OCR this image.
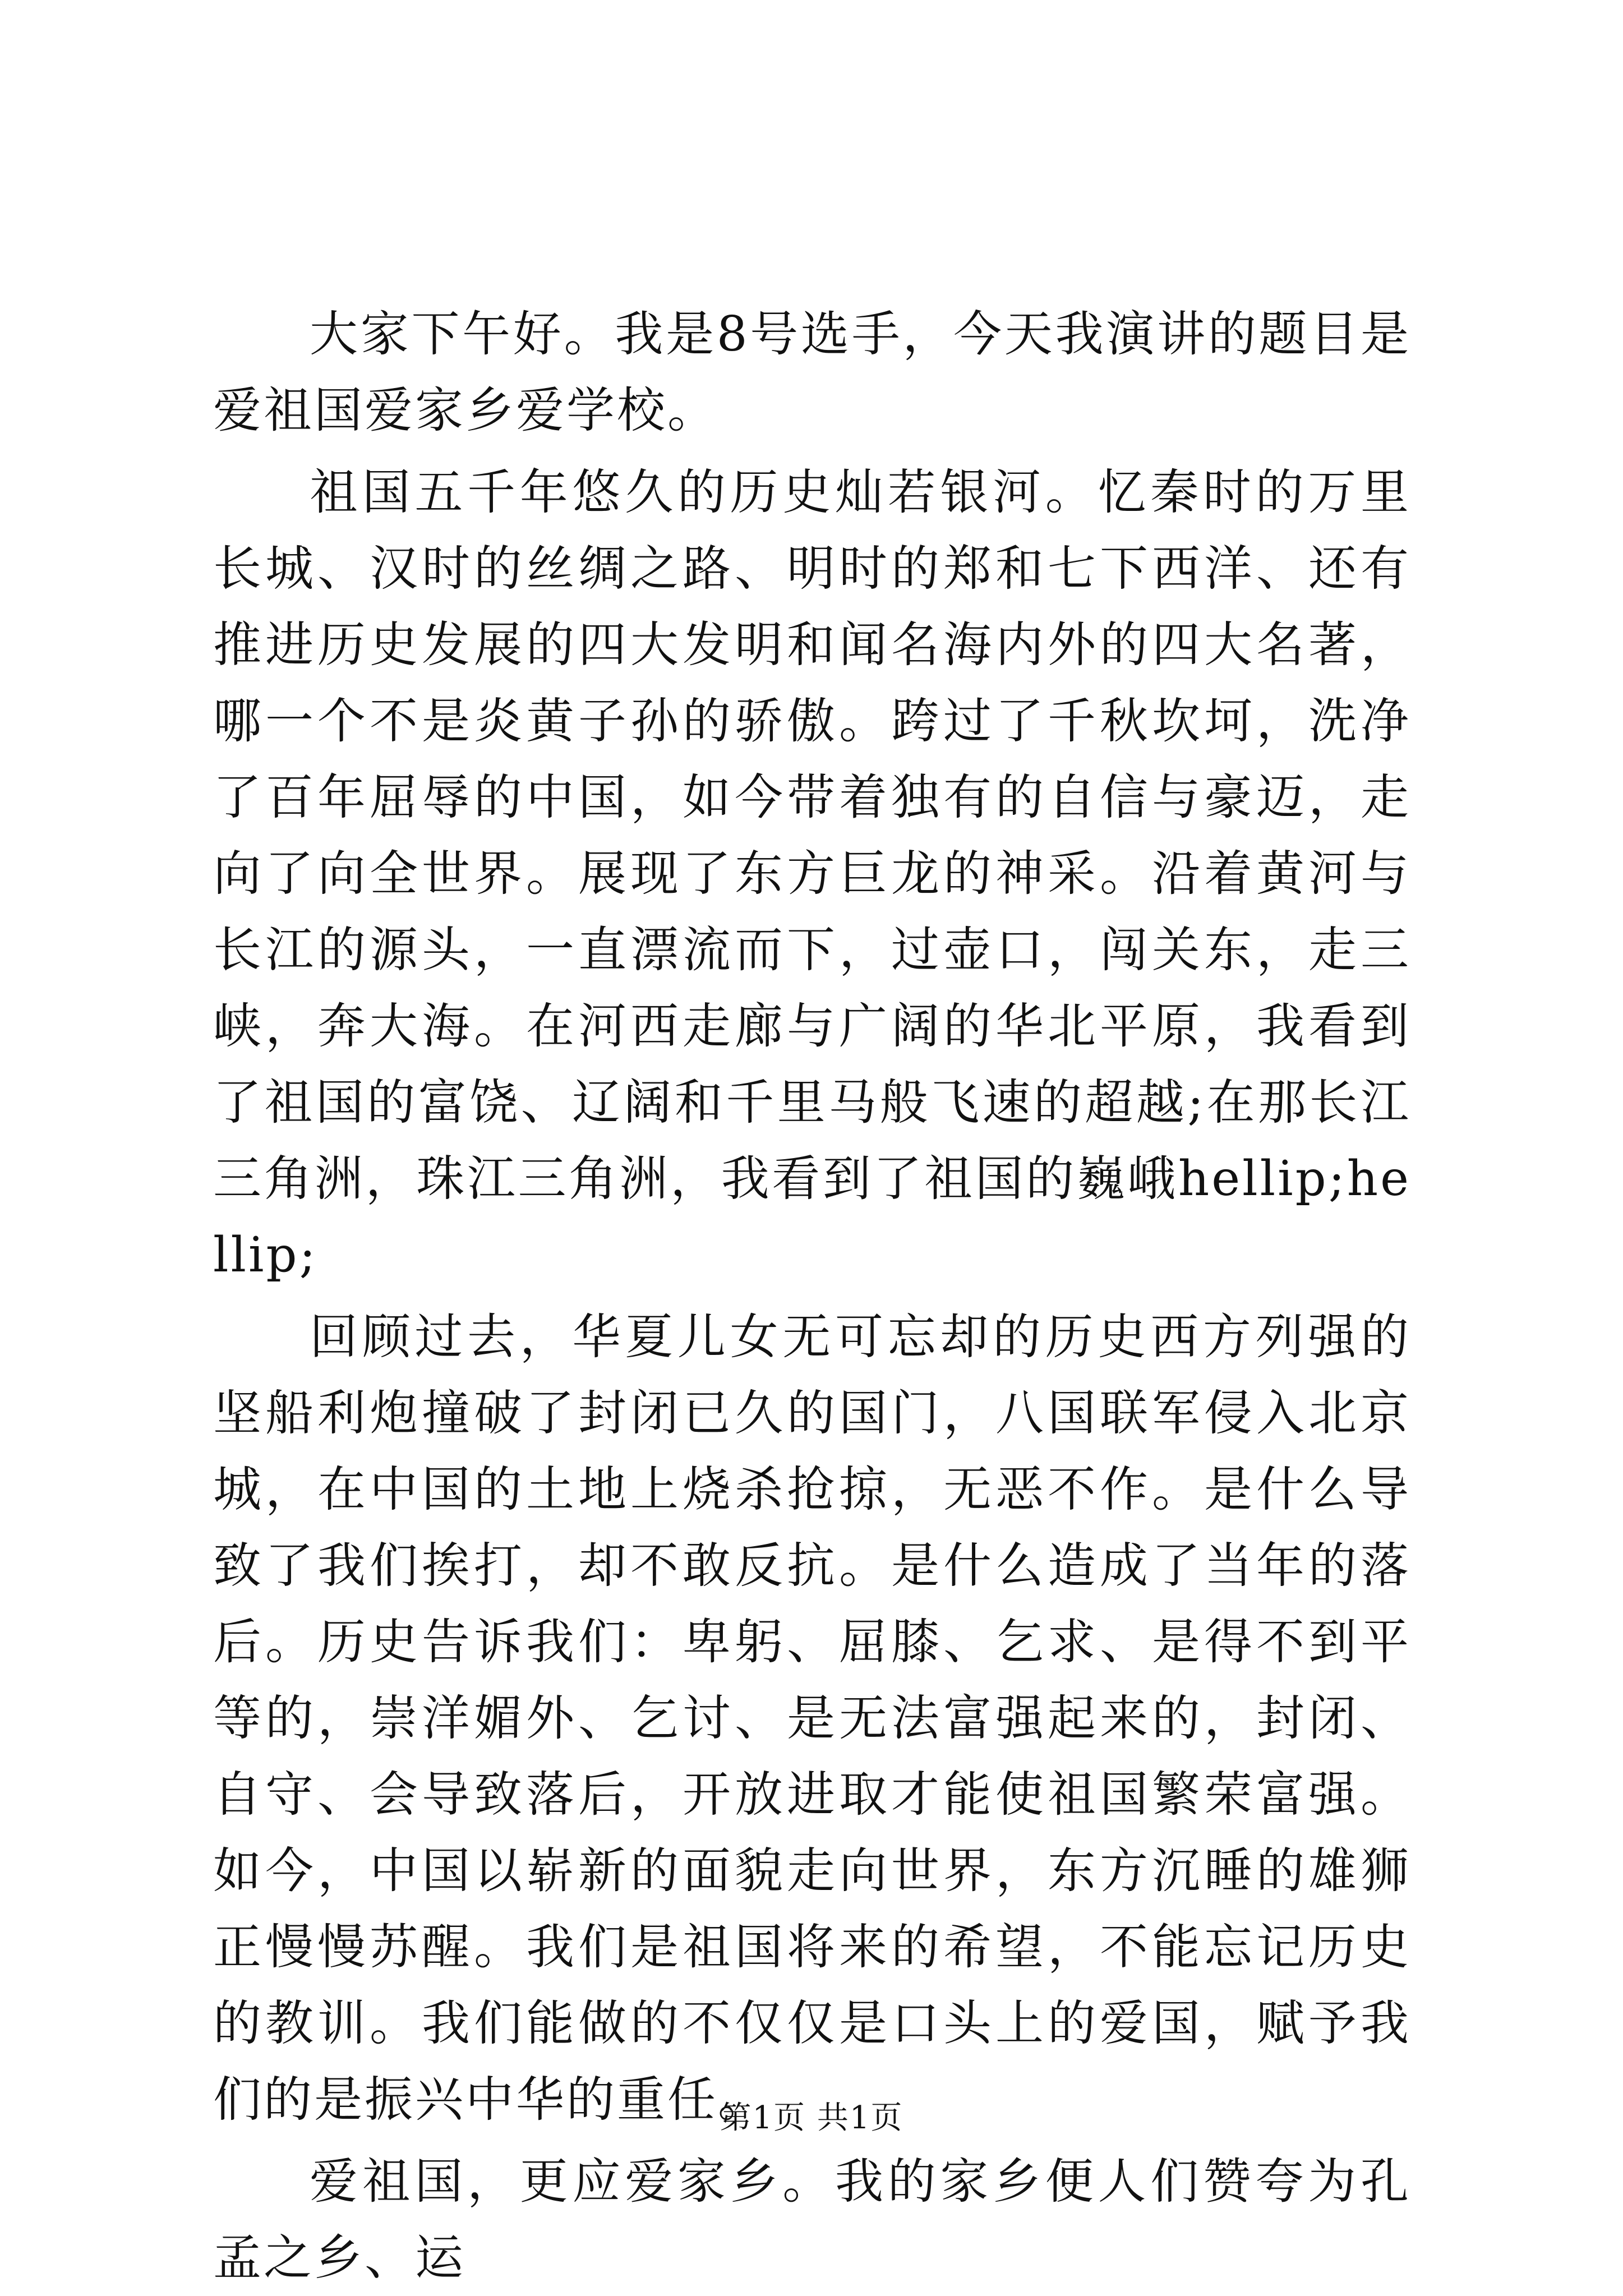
大家下午好。我是8号选手，今天我演讲的题目是爱祖国爱家乡爱学校。

祖国五千年悠久的历史灿若银河。忆秦时的万里长城、汉时的丝绸之路、明时的郑和七下西洋、还有推进历史发展的四大发明和闻名海内外的四大名著，哪一个不是炎黄子孙的骄傲。跨过了千秋坎坷，洗净了百年屈辱的中国，如今带着独有的自信与豪迈，走向了向全世界。展现了东方巨龙的神采。沿着黄河与长江的源头，一直漂流而下，过壶口，闯关东，走三峡，奔大海。在河西走廊与广阔的华北平原，我看到了祖国的富饶、辽阔和千里马般飞速的超越;在那长江三角洲，珠江三角洲，我看到了祖国的巍峨hellip;hellip;

回顾过去，华夏儿女无可忘却的历史西方列强的坚船利炮撞破了封闭已久的国门，八国联军侵入北京城，在中国的土地上烧杀抢掠，无恶不作。是什么导致了我们挨打，却不敢反抗。是什么造成了当年的落后。历史告诉我们：卑躬、屈膝、乞求、是得不到平等的，崇洋媚外、乞讨、是无法富强起来的，封闭、自守、会导致落后，开放进取才能使祖国繁荣富强。如今，中国以崭新的面貌走向世界，东方沉睡的雄狮正慢慢苏醒。我们是祖国将来的希望，不能忘记历史的教训。我们能做的不仅仅是口头上的爱国，赋予我们的是振兴中华的重任。

爱祖国，更应爱家乡。我的家乡便人们赞夸为孔孟之乡、运

第1页 共1页
